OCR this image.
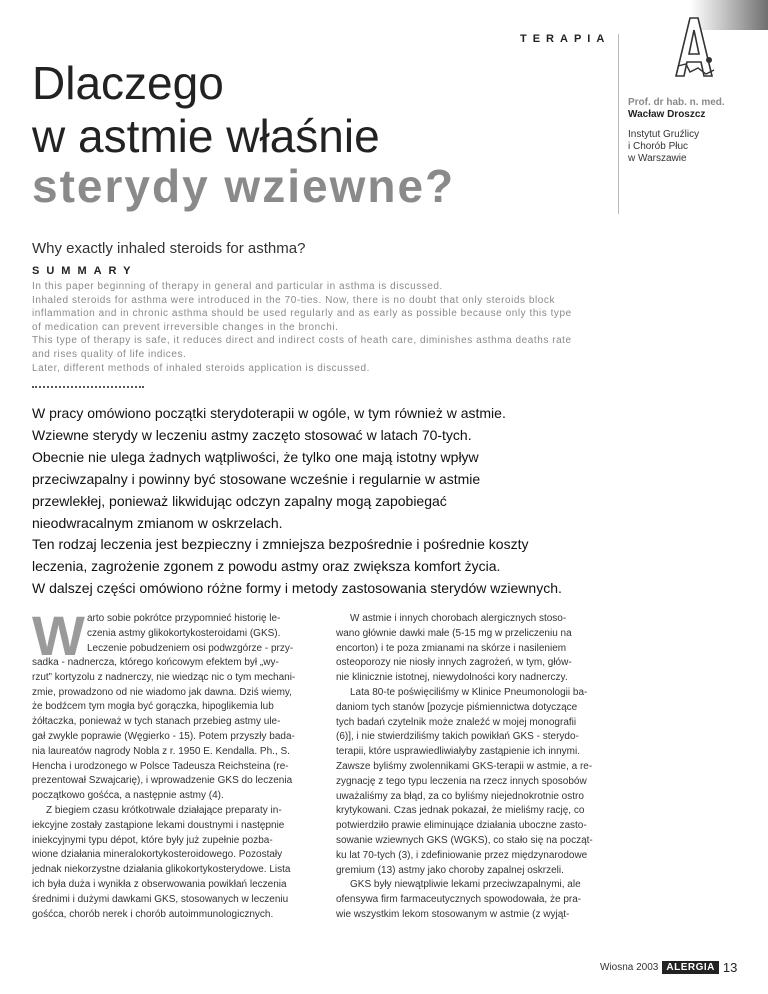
TERAPIA
Dlaczego
w astmie właśnie
sterydy wziewne?
Prof. dr hab. n. med.
Wacław Droszcz
Instytut Gruźlicy
i Chorób Płuc
w Warszawie
Why exactly inhaled steroids for asthma?
SUMMARY
In this paper beginning of therapy in general and particular in asthma is discussed.
Inhaled steroids for asthma were introduced in the 70-ties. Now, there is no doubt that only steroids block
inflammation and in chronic asthma should be used regularly and as early as possible because only this type
of medication can prevent irreversible changes in the bronchi.
This type of therapy is safe, it reduces direct and indirect costs of heath care, diminishes asthma deaths rate
and rises quality of life indices.
Later, different methods of inhaled steroids application is discussed.
W pracy omówiono początki sterydoterapii w ogóle, w tym również w astmie.
Wziewne sterydy w leczeniu astmy zaczęto stosować w latach 70-tych.
Obecnie nie ulega żadnych wątpliwości, że tylko one mają istotny wpływ
przeciwzapalny i powinny być stosowane wcześnie i regularnie w astmie
przewlekłej, ponieważ likwidując odczyn zapalny mogą zapobiegać
nieodwracalnym zmianom w oskrzelach.
Ten rodzaj leczenia jest bezpieczny i zmniejsza bezpośrednie i pośrednie koszty
leczenia, zagrożenie zgonem z powodu astmy oraz zwiększa komfort życia.
W dalszej części omówiono różne formy i metody zastosowania sterydów wziewnych.
W arto sobie pokrótce przypomnieć historię le-
czenia astmy glikokortykosteroidami (GKS).
Leczenie pobudzeniem osi podwzgórze - przy-
sadka - nadnercza, którego końcowym efektem był „wy-
rzut” kortyzolu z nadnerczy, nie wiedząc nic o tym mechani-
zmie, prowadzono od nie wiadomo jak dawna. Dziś wiemy,
że bodźcem tym mogła być gorączka, hipoglikemia lub
żółtaczka, ponieważ w tych stanach przebieg astmy ule-
gał zwykle poprawie (Węgierko - 15). Potem przyszły bada-
nia laureatów nagrody Nobla z r. 1950 E. Kendalla. Ph., S.
Hencha i urodzonego w Polsce Tadeusza Reichsteina (re-
prezentował Szwajcarię), i wprowadzenie GKS do leczenia
początkowo gośćca, a następnie astmy (4).
Z biegiem czasu krótkotrwale działające preparaty in-
iekcyjne zostały zastąpione lekami doustnymi i następnie
iniekcyjnymi typu dépot, które były już zupełnie pozba-
wione działania mineralokortykosteroidowego. Pozostały
jednak niekorzystne działania glikokortykosterydowe. Lista
ich była duża i wynikła z obserwowania powikłań leczenia
średnimi i dużymi dawkami GKS, stosowanych w leczeniu
gośćca, chorób nerek i chorób autoimmunologicznych.
W astmie i innych chorobach alergicznych stoso-
wano głównie dawki małe (5-15 mg w przeliczeniu na
encorton) i te poza zmianami na skórze i nasileniem
osteoporozy nie niosły innych zagrożeń, w tym, głów-
nie klinicznie istotnej, niewydolności kory nadnerczy.
Lata 80-te poświęciliśmy w Klinice Pneumonologii ba-
daniom tych stanów [pozycje piśmiennictwa dotyczące
tych badań czytelnik może znaleźć w mojej monografii
(6)], i nie stwierdziliśmy takich powikłań GKS - sterydo-
terapii, które usprawiedliwiałyby zastąpienie ich innymi.
Zawsze byliśmy zwolennikami GKS-terapii w astmie, a re-
zygnację z tego typu leczenia na rzecz innych sposobów
uważaliśmy za błąd, za co byliśmy niejednokrotnie ostro
krytykowani. Czas jednak pokazał, że mieliśmy rację, co
potwierdziło prawie eliminujące działania uboczne zasto-
sowanie wziewnych GKS (WGKS), co stało się na począt-
ku lat 70-tych (3), i zdefiniowanie przez międzynarodowe
gremium (13) astmy jako choroby zapalnej oskrzeli.
GKS były niewątpliwie lekami przeciwzapalnymi, ale
ofensywa firm farmaceutycznych spowodowała, że pra-
wie wszystkim lekom stosowanym w astmie (z wyjąt-
Wiosna 2003 ALERGIA 13
